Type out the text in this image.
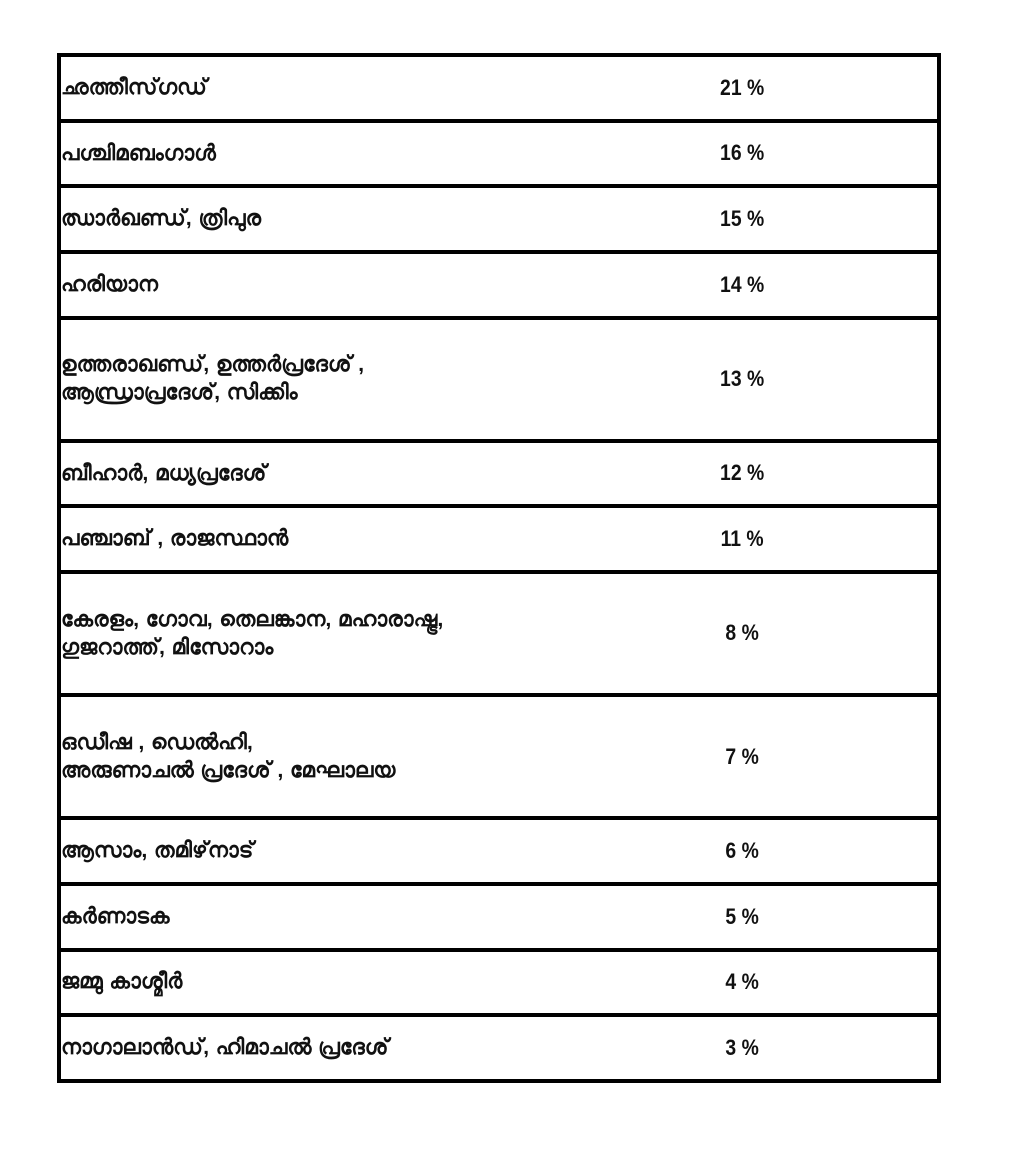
ഛത്തീസ്‌ഗഡ്	21 %

പശ്ചിമബംഗാൾ	16 %

ഝാർഖണ്ഡ്, ത്രിപുര	15 %

ഹരിയാന	14 %

ഉത്തരാഖണ്ഡ്, ഉത്തർപ്രദേശ് ,
ആന്ധ്രാപ്രദേശ്, സിക്കിം	13 %

ബീഹാർ, മധ്യപ്രദേശ്	12 %

പഞ്ചാബ് , രാജസ്ഥാൻ	11 %

കേരളം, ഗോവ, തെലങ്കാന, മഹാരാഷ്ട്ര,
ഗുജറാത്ത്, മിസോറാം	8 %

ഒഡീഷ , ഡെൽഹി,
അരുണാചൽ പ്രദേശ് , മേഘാലയ	7 %

ആസാം, തമിഴ്‌നാട്	6 %

കർണാടക	5 %

ജമ്മു കാശ്മീർ	4 %

നാഗാലാൻഡ്, ഹിമാചൽ പ്രദേശ്	3 %
